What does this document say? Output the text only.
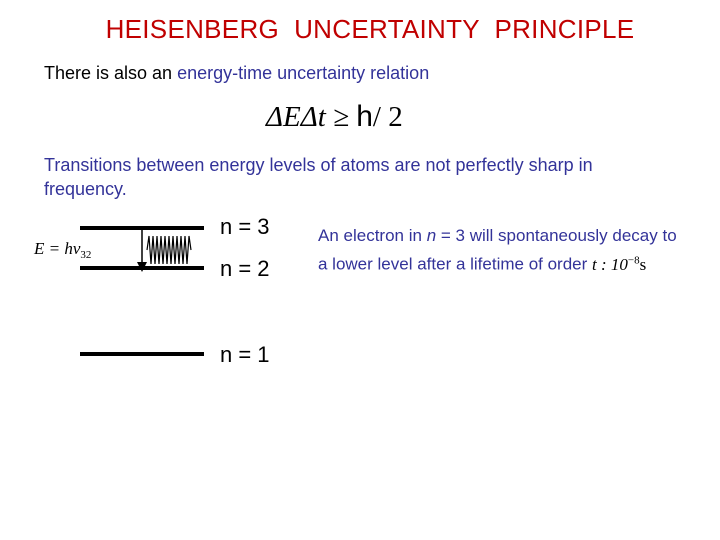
HEISENBERG  UNCERTAINTY  PRINCIPLE
There is also an energy-time uncertainty relation
ΔEΔt ≥ h/ 2
Transitions between energy levels of atoms are not perfectly sharp in frequency.
n = 3
n = 2
n = 1
$E = h\nu_{32}$
An electron in n = 3 will spontaneously decay to a lower level after a lifetime of order t : $10^{-8}s$
